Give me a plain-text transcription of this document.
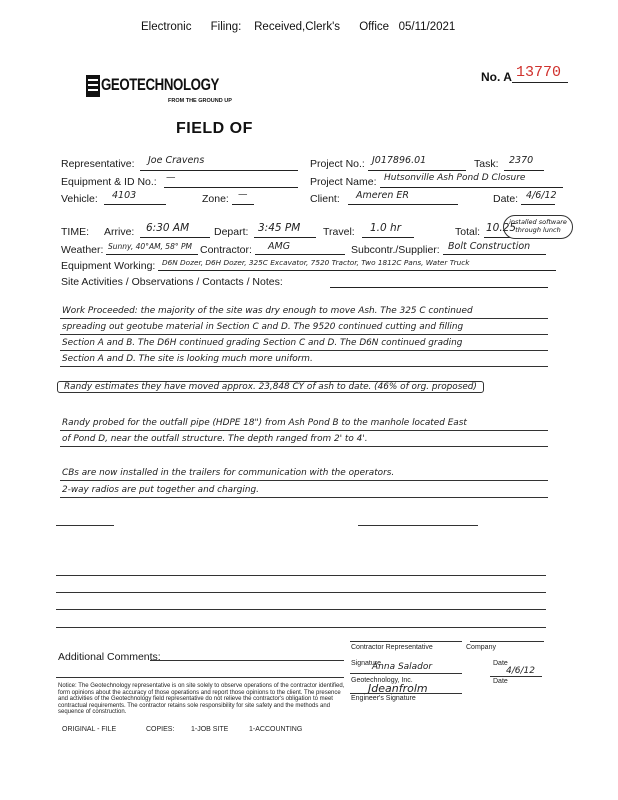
Electronic      Filing:    Received,Clerk's      Office   05/11/2021
GEOTECHNOLOGY
FROM THE GROUND UP
No. A 13770
FIELD OF
Representative: Joe Cravens	Project No.: J017896.01	Task: 2370
Equipment & ID No.: —	Project Name: Hutsonville Ash Pond D Closure
Vehicle: 4103	Zone: —	Client: Ameren ER	Date: 4/6/12
TIME: Arrive: 6:30 AM Depart: 3:45 PM Travel: 1.0 hr	Total: 10.25
installed software through lunch
Weather: Sunny, 40°AM, 58° PM Contractor: AMG	Subcontr./Supplier: Bolt Construction
Equipment Working: D6N Dozer, D6H Dozer, 325C Excavator, 7520 Tractor, Two 1812C Pans, Water Truck
Site Activities / Observations / Contacts / Notes:
Work Proceeded: the majority of the site was dry enough to move Ash. The 325 C continued
spreading out geotube material in Section C and D. The 9520 continued cutting and filling
Section A and B. The D6H continued grading Section C and D. The D6N continued grading
Section A and D. The site is looking much more uniform.
Randy estimates they have moved approx. 23,848 CY of ash to date. (46% of org. proposed)
Randy probed for the outfall pipe (HDPE 18") from Ash Pond B to the manhole located East
of Pond D, near the outfall structure. The depth ranged from 2' to 4'.
CBs are now installed in the trailers for communication with the operators.
2-way radios are put together and charging.
Additional Comments:
Contractor Representative	Company
Signature
Anna Salador	Date
4/6/12
Geotechnology, Inc.
Jdeanfrolm
Date
Engineer's Signature
Notice: The Geotechnology representative is on site solely to observe operations of the contractor identified, form opinions about the accuracy of those operations and report those opinions to the client. The presence and activities of the Geotechnology field representative do not relieve the contractor's obligation to meet contractual requirements. The contractor retains sole responsibility for site safety and the methods and sequence of construction.
ORIGINAL - FILE	COPIES: 1-JOB SITE	1-ACCOUNTING
